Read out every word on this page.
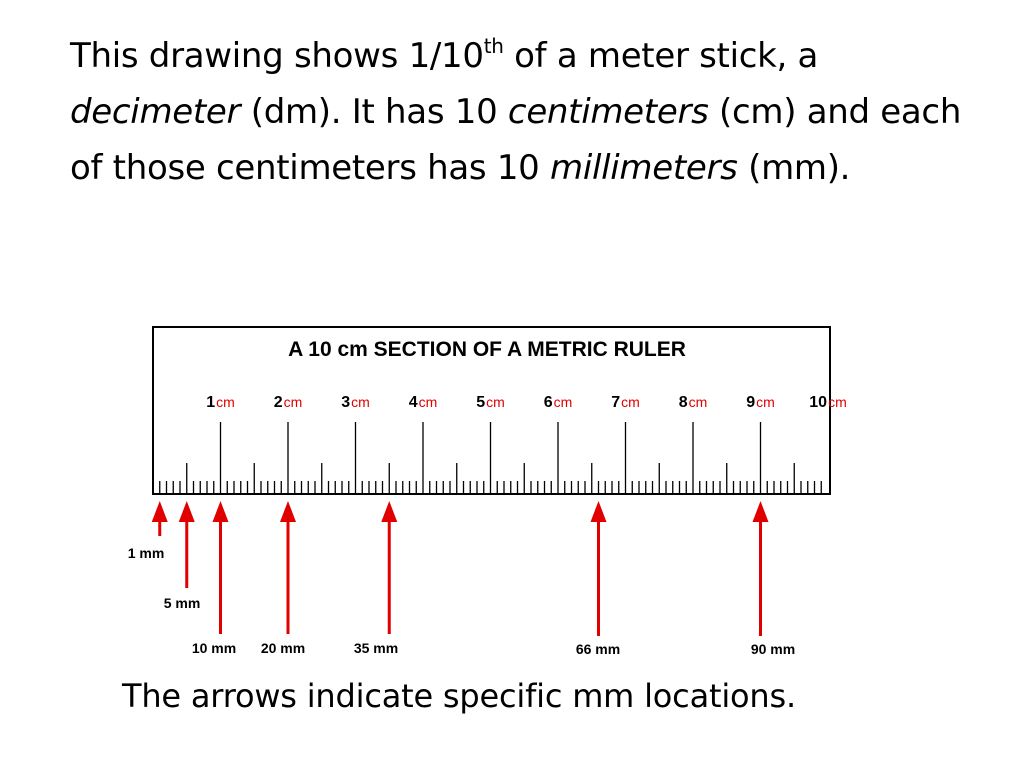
This drawing shows 1/10th of a meter stick, a decimeter (dm). It has 10 centimeters (cm) and each of those centimeters has 10 millimeters (mm).
A 10 cm SECTION OF A METRIC RULER
1cm 2cm 3cm 4cm 5cm 6cm 7cm 8cm 9cm 10cm
1 mm
5 mm
10 mm 20 mm	35 mm	66 mm	90 mm
The arrows indicate specific mm locations.
